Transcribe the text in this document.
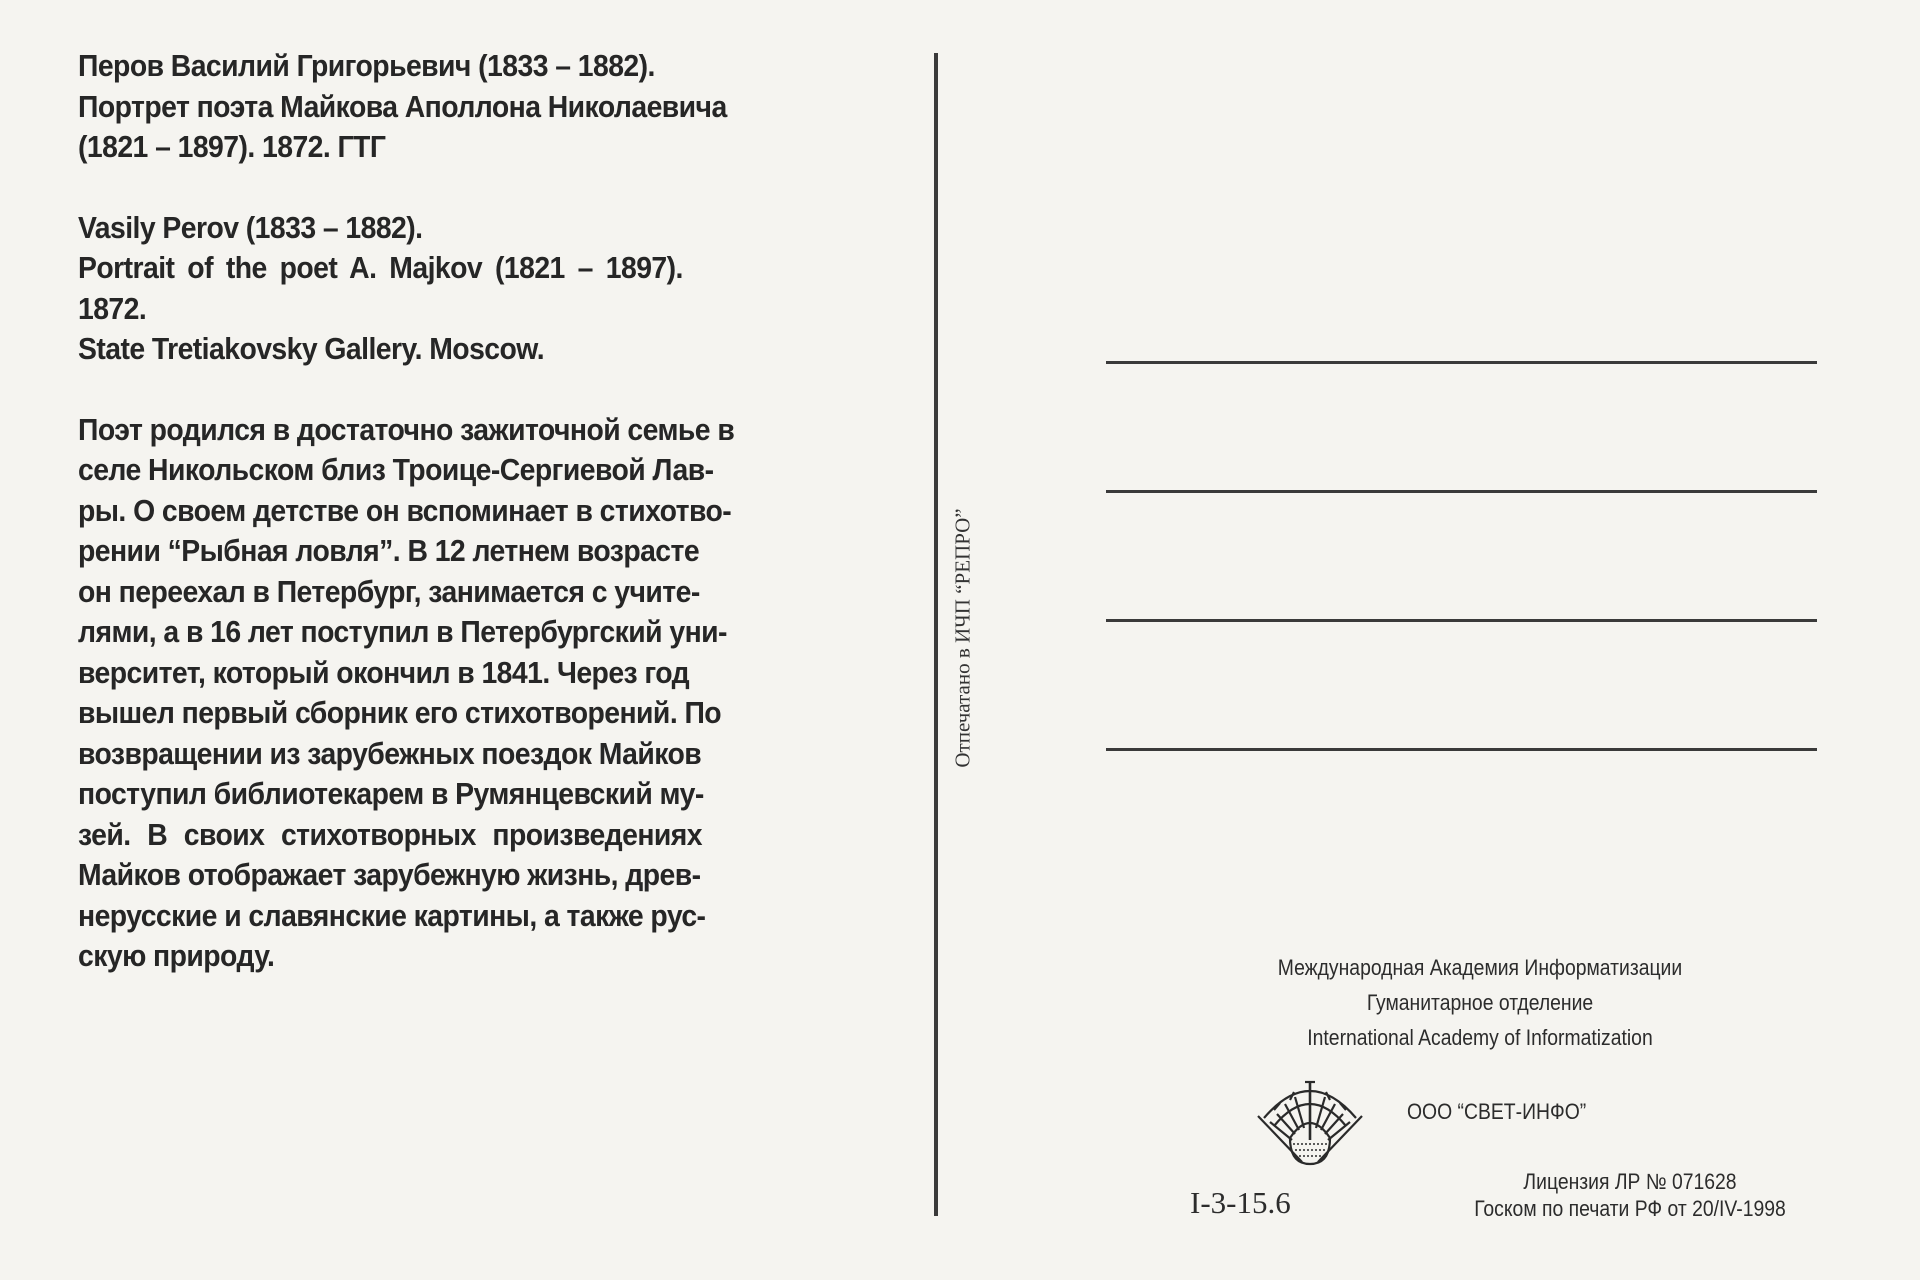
Перов Василий Григорьевич (1833 – 1882).
Портрет поэта Майкова Аполлона Николаевича
(1821 – 1897). 1872. ГТГ
Vasily Perov (1833 – 1882).
Portrait of the poet A. Majkov (1821 – 1897).
1872.
State Tretiakovsky Gallery. Moscow.
Поэт родился в достаточно зажиточной семье в
селе Никольском близ Троице-Сергиевой Лав-
ры. О своем детстве он вспоминает в стихотво-
рении “Рыбная ловля”. В 12 летнем возрасте
он переехал в Петербург, занимается с учите-
лями, а в 16 лет поступил в Петербургский уни-
верситет, который окончил в 1841. Через год
вышел первый сборник его стихотворений. По
возвращении из зарубежных поездок Майков
поступил библиотекарем в Румянцевский му-
зей. В своих стихотворных произведениях
Майков отображает зарубежную жизнь, древ-
нерусские и славянские картины, а также рус-
скую природу.
Отпечатано в ИЧП “РЕПРО”
Международная Академия Информатизации
Гуманитарное отделение
International Academy of Informatization
ООО “СВЕТ-ИНФО”
I-3-15.6
Лицензия ЛР № 071628
Госком по печати РФ от 20/IV-1998
